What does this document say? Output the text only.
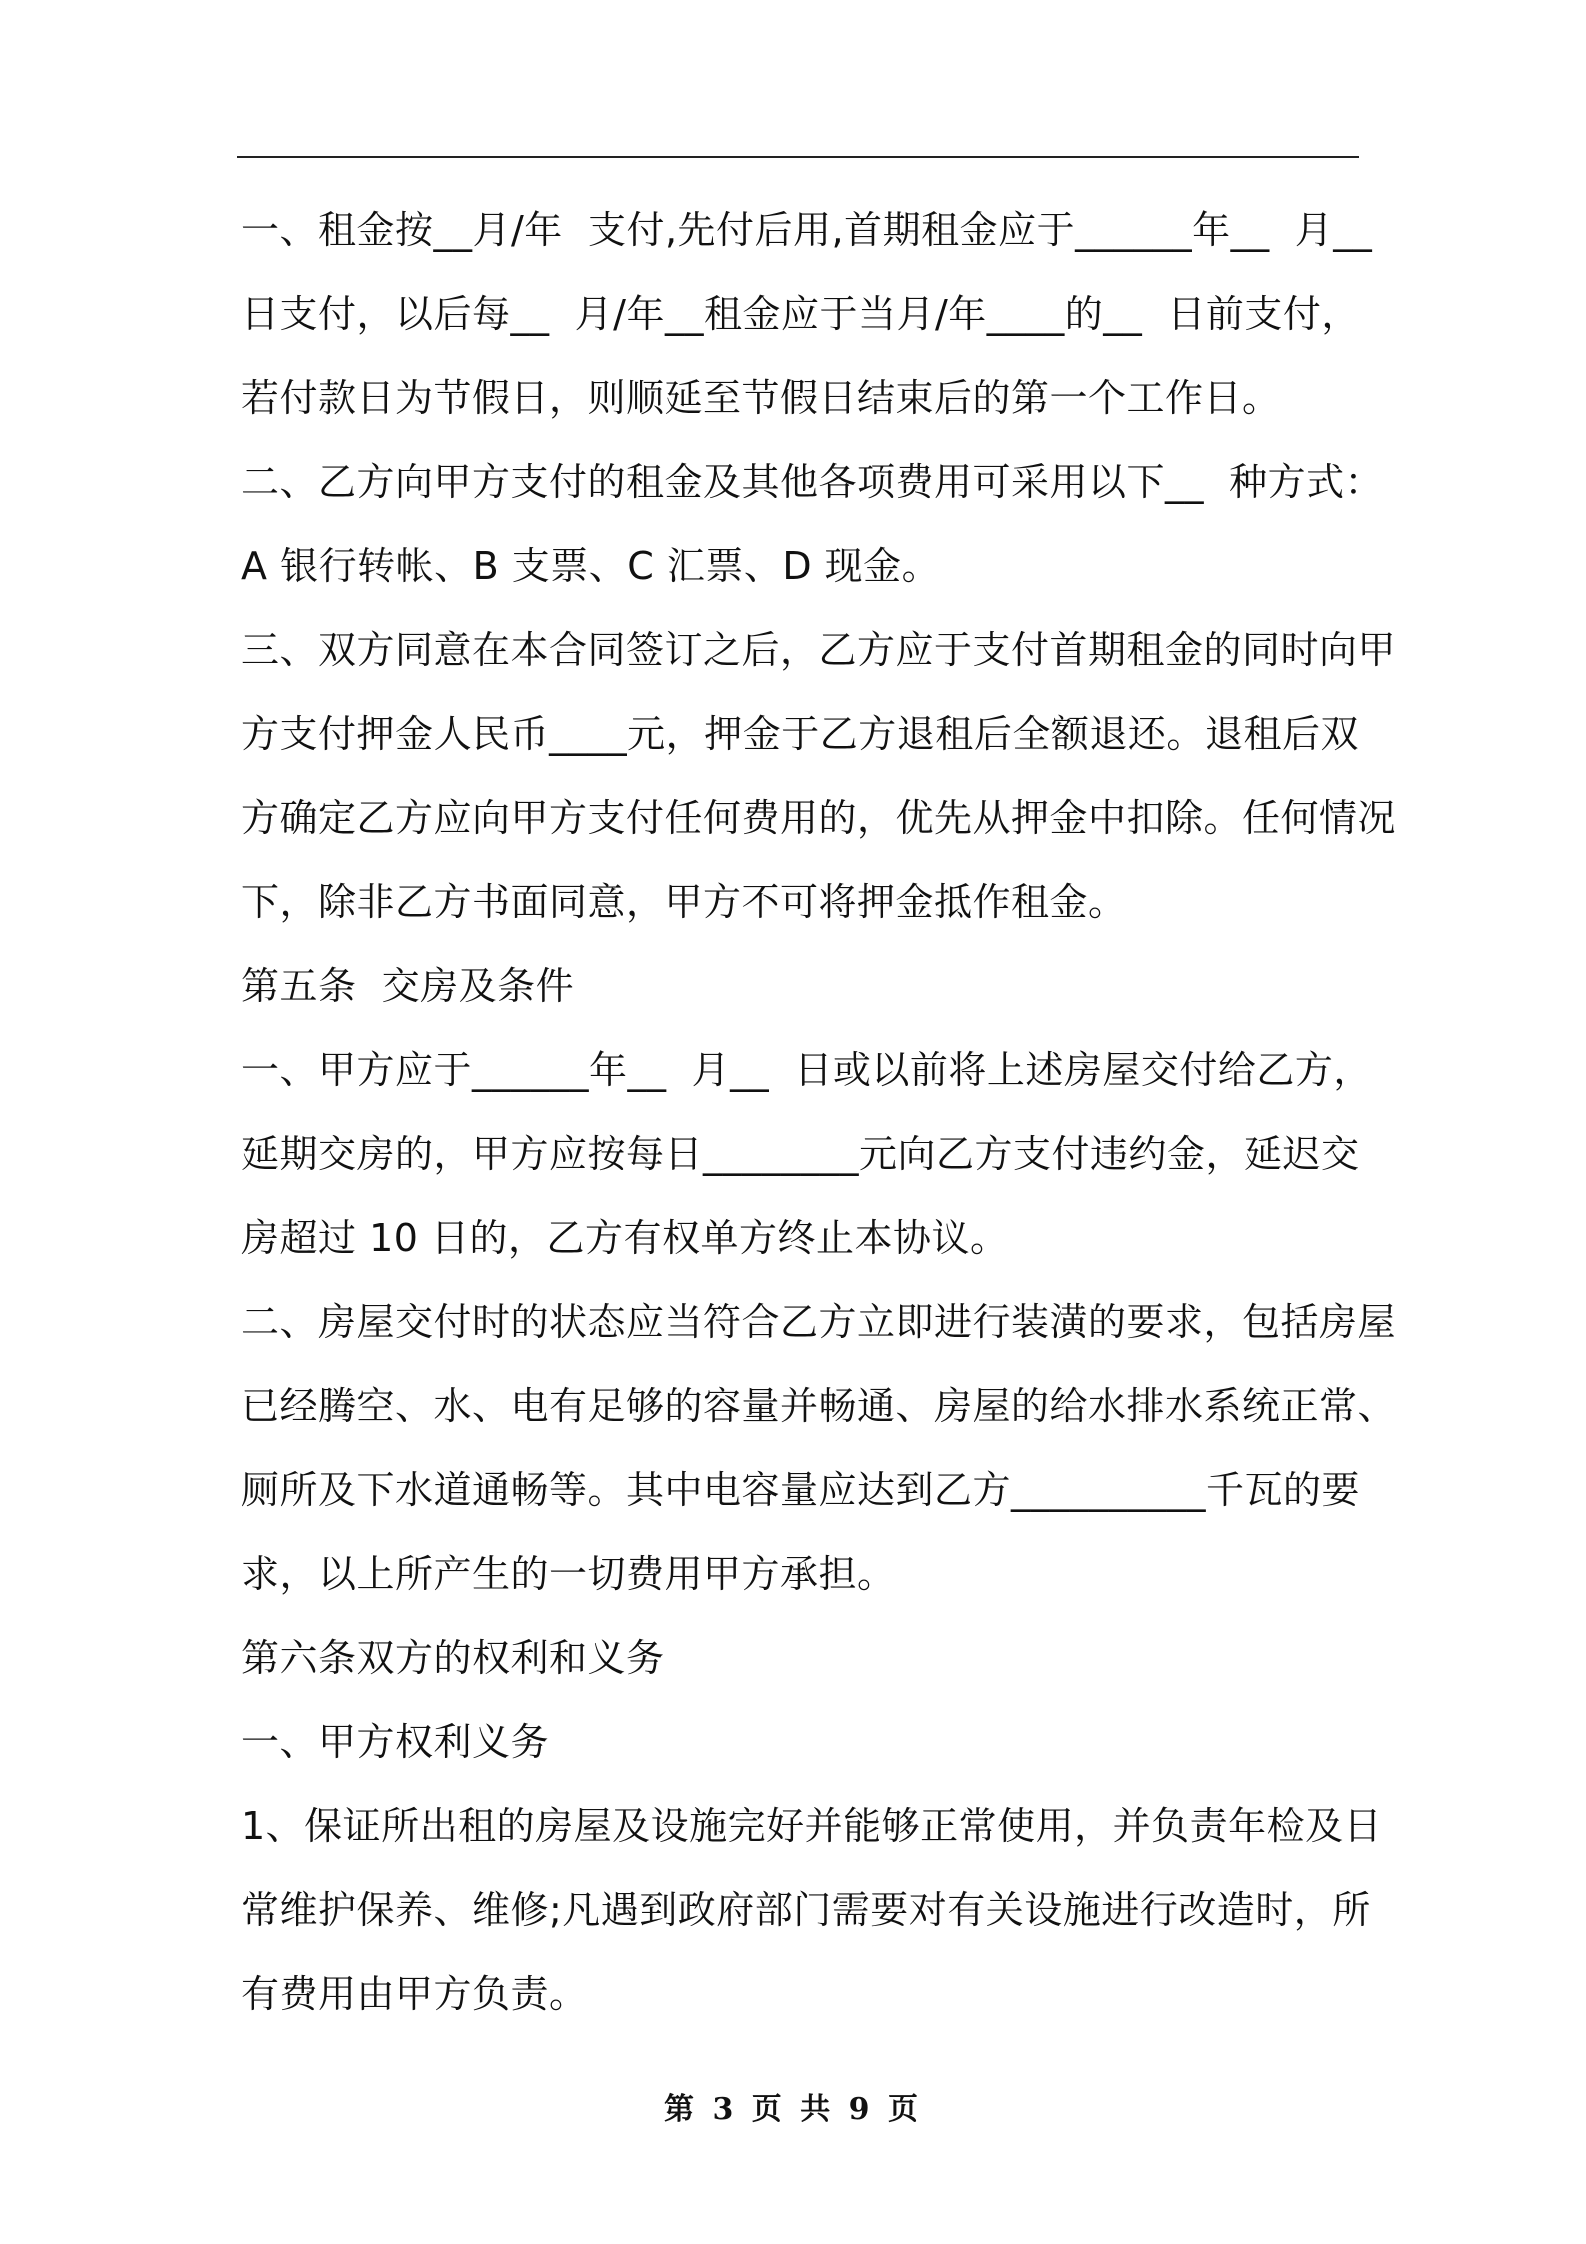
一、租金按__月/年  支付,先付后用,首期租金应于______年__  月__
日支付，以后每__  月/年__租金应于当月/年____的__  日前支付，
若付款日为节假日，则顺延至节假日结束后的第一个工作日。
二、乙方向甲方支付的租金及其他各项费用可采用以下__  种方式：
A 银行转帐、B 支票、C 汇票、D 现金。
三、双方同意在本合同签订之后，乙方应于支付首期租金的同时向甲
方支付押金人民币____元，押金于乙方退租后全额退还。退租后双
方确定乙方应向甲方支付任何费用的，优先从押金中扣除。任何情况
下，除非乙方书面同意，甲方不可将押金抵作租金。
第五条  交房及条件
一、甲方应于______年__  月__  日或以前将上述房屋交付给乙方，
延期交房的，甲方应按每日________元向乙方支付违约金，延迟交
房超过 10 日的，乙方有权单方终止本协议。
二、房屋交付时的状态应当符合乙方立即进行装潢的要求，包括房屋
已经腾空、水、电有足够的容量并畅通、房屋的给水排水系统正常、
厕所及下水道通畅等。其中电容量应达到乙方__________千瓦的要
求，以上所产生的一切费用甲方承担。
第六条双方的权利和义务
一、甲方权利义务
1、保证所出租的房屋及设施完好并能够正常使用，并负责年检及日
常维护保养、维修;凡遇到政府部门需要对有关设施进行改造时，所
有费用由甲方负责。
第 3 页 共 9 页
